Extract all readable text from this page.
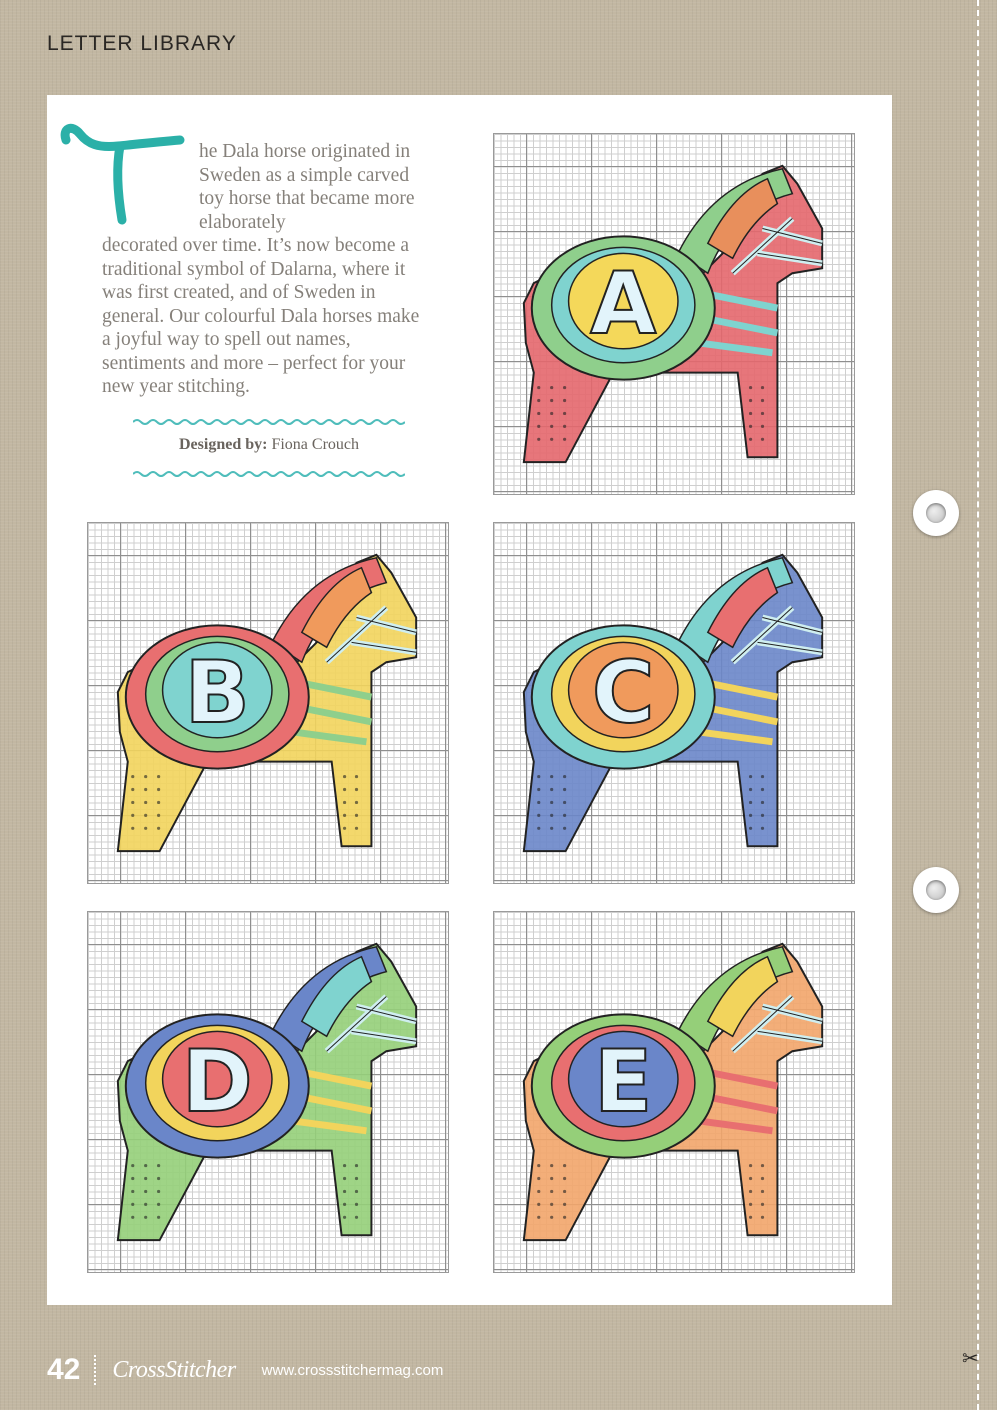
LETTER LIBRARY

he Dala horse originated in Sweden as a simple carved toy horse that became more elaborately

decorated over time. It’s now become a traditional symbol of Dalarna, where it was first created, and of Sweden in general. Our colourful Dala horses make a joyful way to spell out names, sentiments and more – perfect for your new year stitching.

Designed by: Fiona Crouch
A
B	C
D	E
✂
42 CrossStitcher www.crossstitchermag.com
